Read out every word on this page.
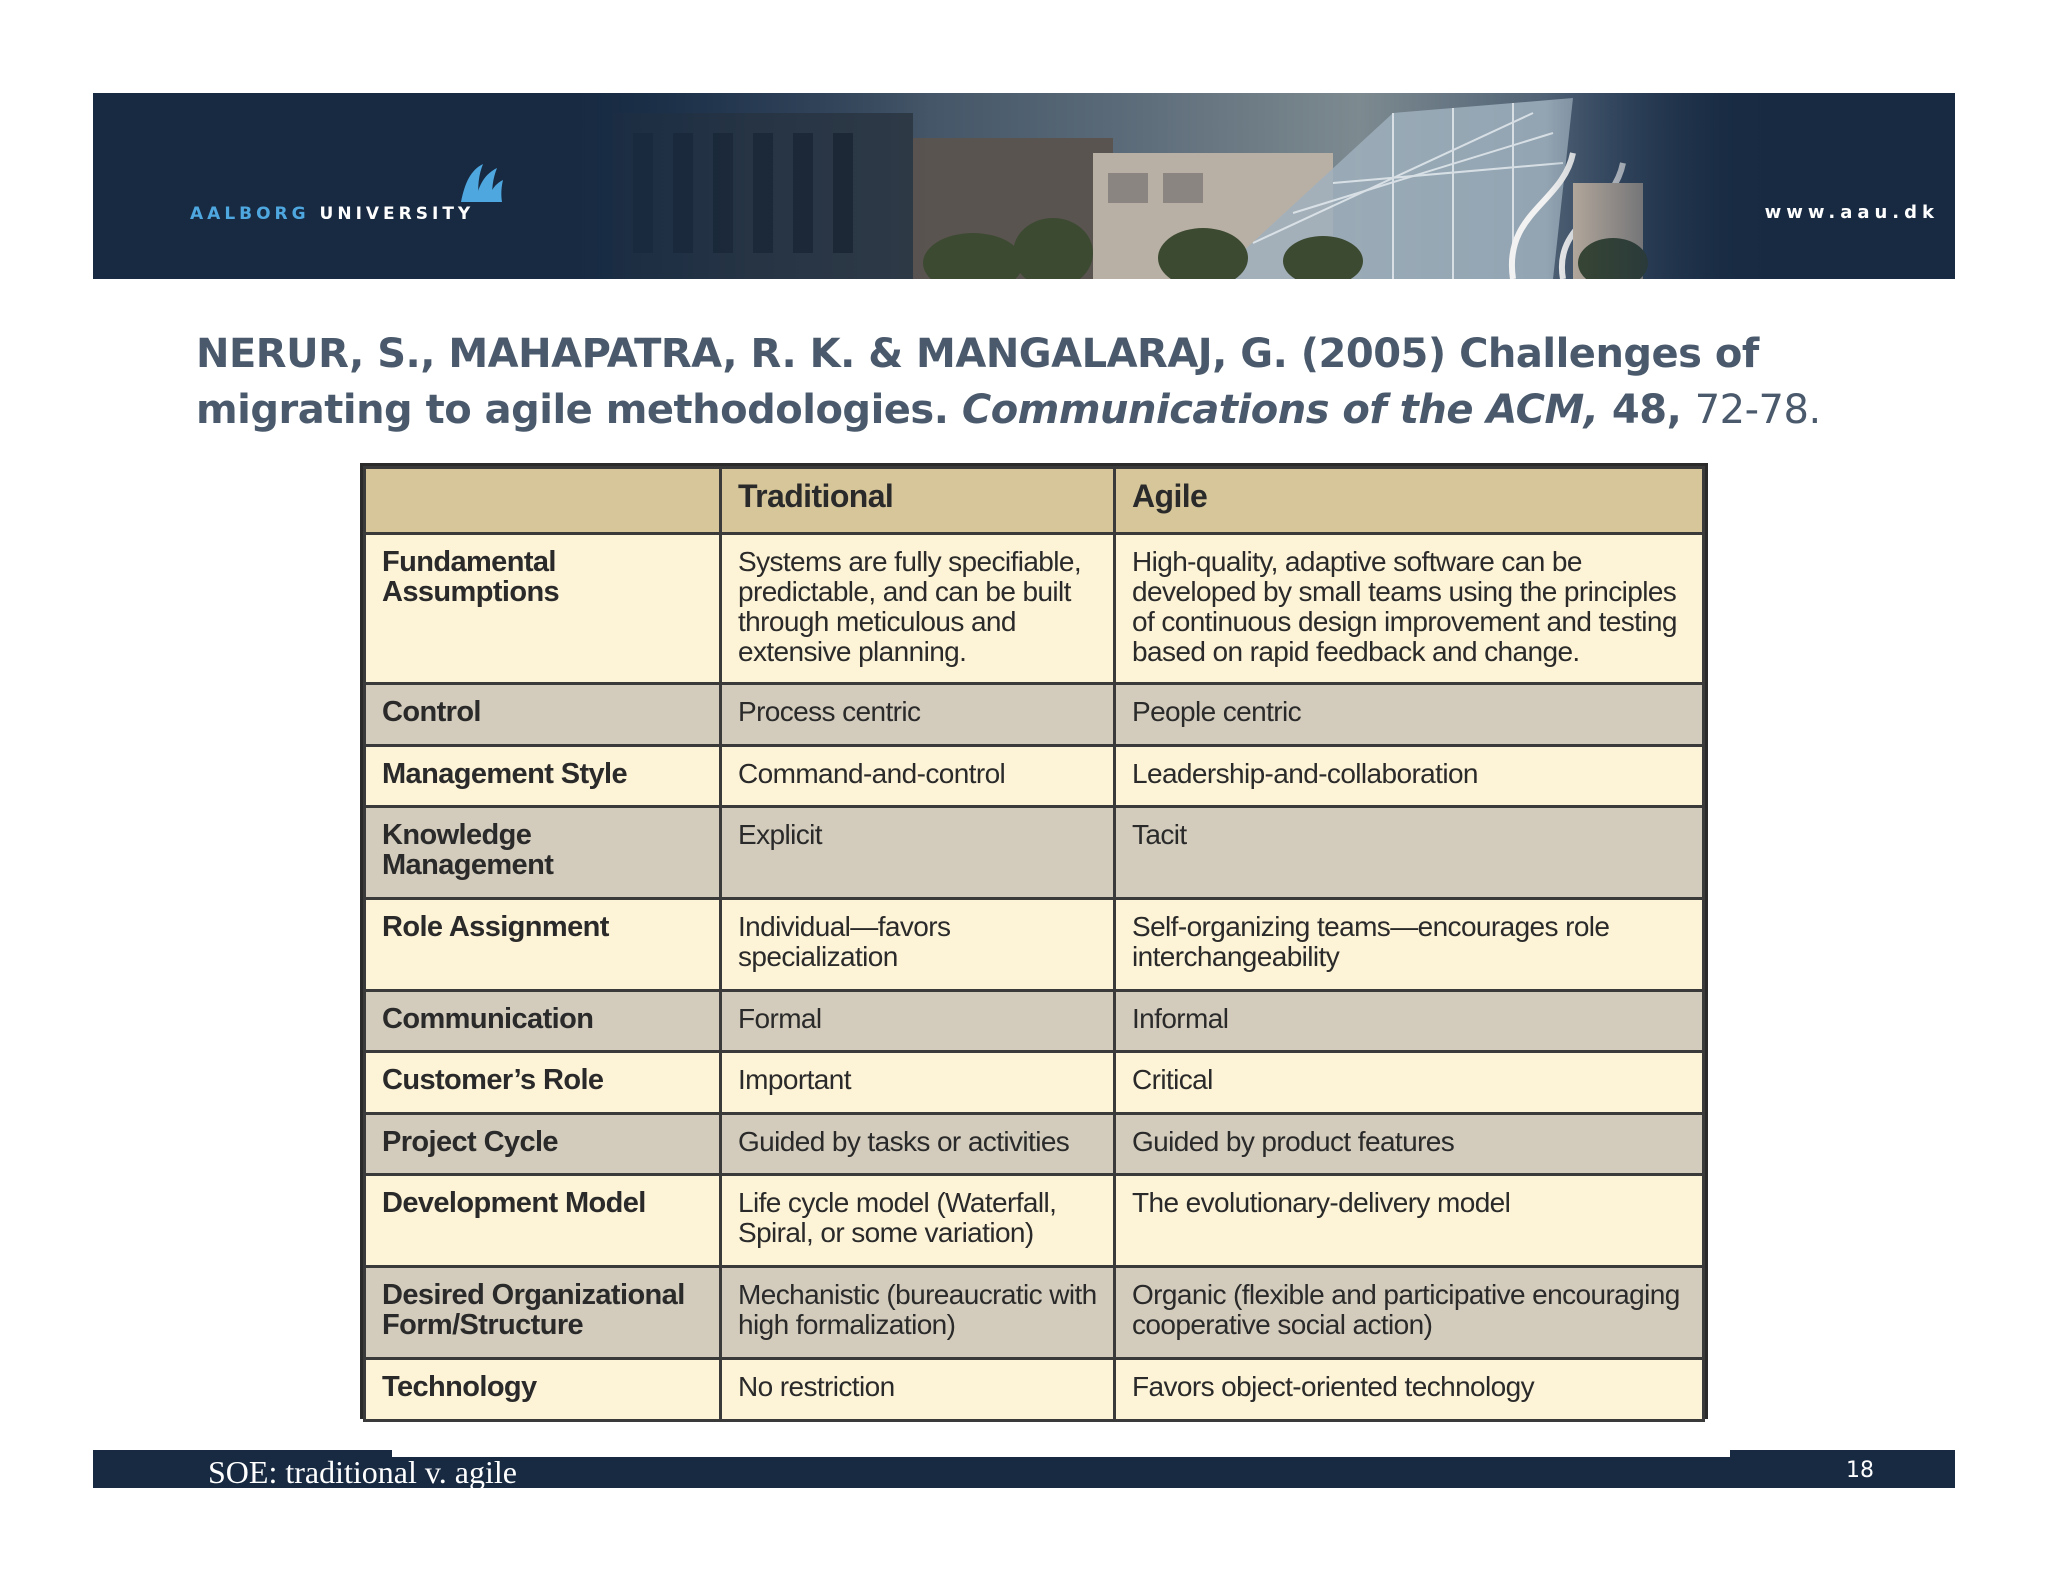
AALBORG UNIVERSITY	www.aau.dk
NERUR, S., MAHAPATRA, R. K. & MANGALARAJ, G. (2005) Challenges of migrating to agile methodologies. Communications of the ACM, 48, 72-78.
	Traditional	Agile
Fundamental Assumptions	Systems are fully specifiable, predictable, and can be built through meticulous and extensive planning.	High-quality, adaptive software can be developed by small teams using the principles of continuous design improvement and testing based on rapid feedback and change.
Control	Process centric	People centric
Management Style	Command-and-control	Leadership-and-collaboration
Knowledge Management	Explicit	Tacit
Role Assignment	Individual—favors specialization	Self-organizing teams—encourages role interchangeability
Communication	Formal	Informal
Customer’s Role	Important	Critical
Project Cycle	Guided by tasks or activities	Guided by product features
Development Model	Life cycle model (Waterfall, Spiral, or some variation)	The evolutionary-delivery model
Desired Organizational Form/Structure	Mechanistic (bureaucratic with high formalization)	Organic (flexible and participative encouraging cooperative social action)
Technology	No restriction	Favors object-oriented technology
SOE: traditional v. agile	18
